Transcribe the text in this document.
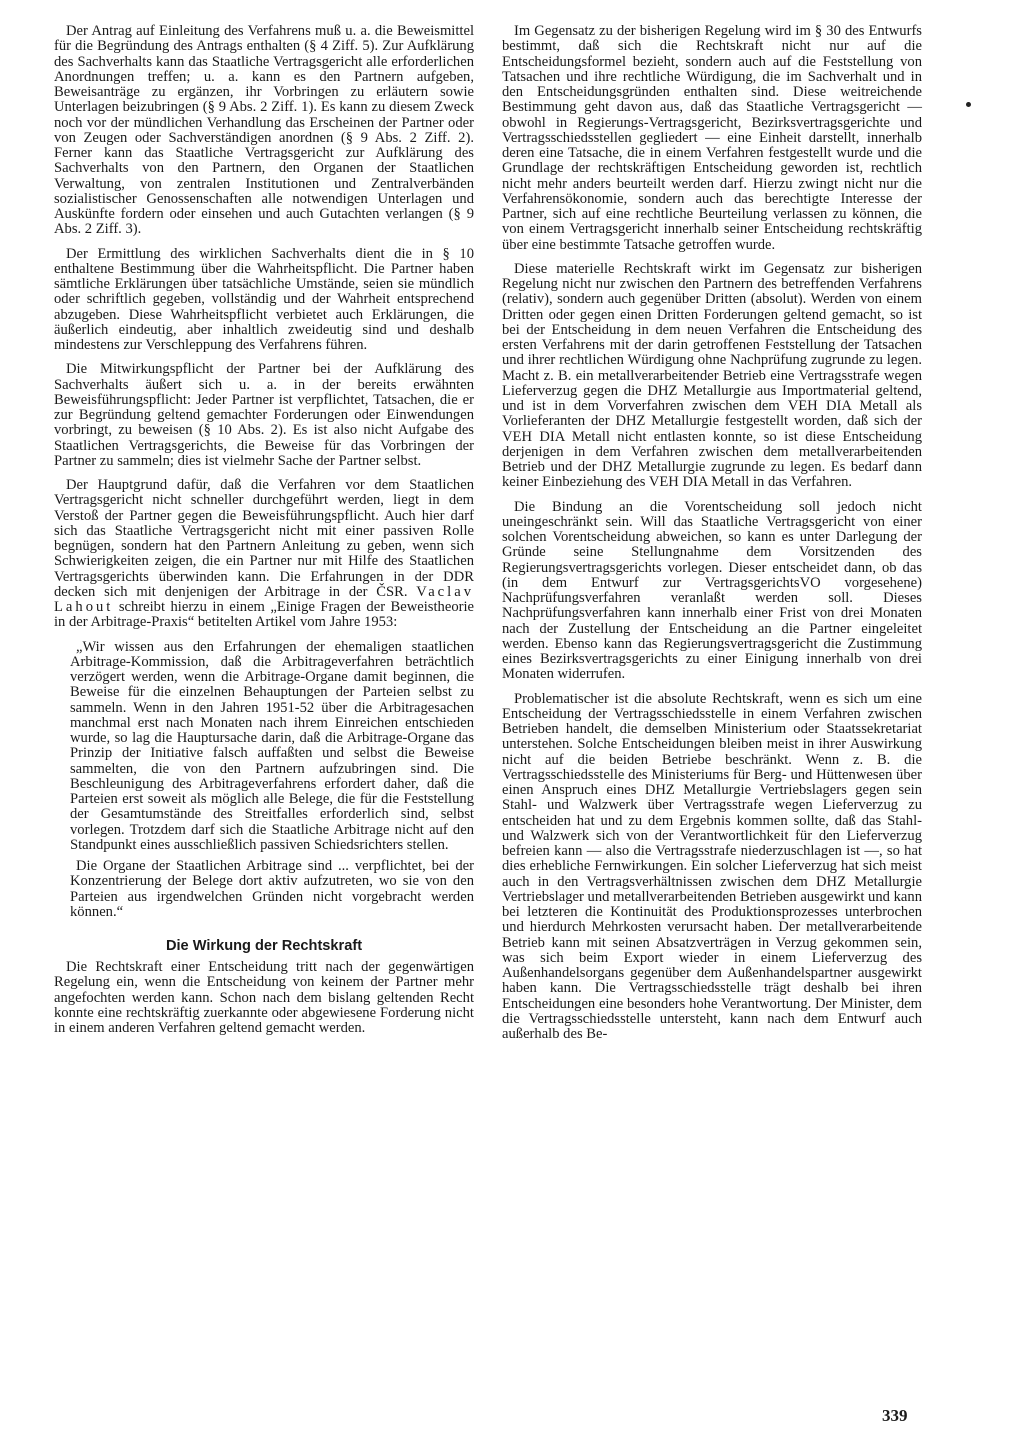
Der Antrag auf Einleitung des Verfahrens muß u. a. die Beweismittel für die Begründung des Antrags enthalten (§ 4 Ziff. 5). Zur Aufklärung des Sachverhalts kann das Staatliche Vertragsgericht alle erforderlichen Anordnungen treffen; u. a. kann es den Partnern aufgeben, Beweisanträge zu ergänzen, ihr Vorbringen zu erläutern sowie Unterlagen beizubringen (§ 9 Abs. 2 Ziff. 1). Es kann zu diesem Zweck noch vor der mündlichen Verhandlung das Erscheinen der Partner oder von Zeugen oder Sachverständigen anordnen (§ 9 Abs. 2 Ziff. 2). Ferner kann das Staatliche Vertragsgericht zur Aufklärung des Sachverhalts von den Partnern, den Organen der Staatlichen Verwaltung, von zentralen Institutionen und Zentralverbänden sozialistischer Genossenschaften alle notwendigen Unterlagen und Auskünfte fordern oder einsehen und auch Gutachten verlangen (§ 9 Abs. 2 Ziff. 3).

Der Ermittlung des wirklichen Sachverhalts dient die in § 10 enthaltene Bestimmung über die Wahrheitspflicht. Die Partner haben sämtliche Erklärungen über tatsächliche Umstände, seien sie mündlich oder schriftlich gegeben, vollständig und der Wahrheit entsprechend abzugeben. Diese Wahrheitspflicht verbietet auch Erklärungen, die äußerlich eindeutig, aber inhaltlich zweideutig sind und deshalb mindestens zur Verschleppung des Verfahrens führen.

Die Mitwirkungspflicht der Partner bei der Aufklärung des Sachverhalts äußert sich u. a. in der bereits erwähnten Beweisführungspflicht: Jeder Partner ist verpflichtet, Tatsachen, die er zur Begründung geltend gemachter Forderungen oder Einwendungen vorbringt, zu beweisen (§ 10 Abs. 2). Es ist also nicht Aufgabe des Staatlichen Vertragsgerichts, die Beweise für das Vorbringen der Partner zu sammeln; dies ist vielmehr Sache der Partner selbst.

Der Hauptgrund dafür, daß die Verfahren vor dem Staatlichen Vertragsgericht nicht schneller durchgeführt werden, liegt in dem Verstoß der Partner gegen die Beweisführungspflicht. Auch hier darf sich das Staatliche Vertragsgericht nicht mit einer passiven Rolle begnügen, sondern hat den Partnern Anleitung zu geben, wenn sich Schwierigkeiten zeigen, die ein Partner nur mit Hilfe des Staatlichen Vertragsgerichts überwinden kann. Die Erfahrungen in der DDR decken sich mit denjenigen der Arbitrage in der ČSR. Vaclav Lahout schreibt hierzu in einem „Einige Fragen der Beweistheorie in der Arbitrage-Praxis“ betitelten Artikel vom Jahre 1953:

„Wir wissen aus den Erfahrungen der ehemaligen staatlichen Arbitrage-Kommission, daß die Arbitrageverfahren beträchtlich verzögert werden, wenn die Arbitrage-Organe damit beginnen, die Beweise für die einzelnen Behauptungen der Parteien selbst zu sammeln. Wenn in den Jahren 1951-52 über die Arbitragesachen manchmal erst nach Monaten nach ihrem Einreichen entschieden wurde, so lag die Hauptursache darin, daß die Arbitrage-Organe das Prinzip der Initiative falsch auffaßten und selbst die Beweise sammelten, die von den Partnern aufzubringen sind. Die Beschleunigung des Arbitrageverfahrens erfordert daher, daß die Parteien erst soweit als möglich alle Belege, die für die Feststellung der Gesamtumstände des Streitfalles erforderlich sind, selbst vorlegen. Trotzdem darf sich die Staatliche Arbitrage nicht auf den Standpunkt eines ausschließlich passiven Schiedsrichters stellen.

Die Organe der Staatlichen Arbitrage sind ... verpflichtet, bei der Konzentrierung der Belege dort aktiv aufzutreten, wo sie von den Parteien aus irgendwelchen Gründen nicht vorgebracht werden können.“

Die Wirkung der Rechtskraft

Die Rechtskraft einer Entscheidung tritt nach der gegenwärtigen Regelung ein, wenn die Entscheidung von keinem der Partner mehr angefochten werden kann. Schon nach dem bislang geltenden Recht konnte eine rechtskräftig zuerkannte oder abgewiesene Forderung nicht in einem anderen Verfahren geltend gemacht werden.

Im Gegensatz zu der bisherigen Regelung wird im § 30 des Entwurfs bestimmt, daß sich die Rechtskraft nicht nur auf die Entscheidungsformel bezieht, sondern auch auf die Feststellung von Tatsachen und ihre rechtliche Würdigung, die im Sachverhalt und in den Entscheidungsgründen enthalten sind. Diese weitreichende Bestimmung geht davon aus, daß das Staatliche Vertragsgericht — obwohl in Regierungs-Vertragsgericht, Bezirksvertragsgerichte und Vertragsschiedsstellen gegliedert — eine Einheit darstellt, innerhalb deren eine Tatsache, die in einem Verfahren festgestellt wurde und die Grundlage der rechtskräftigen Entscheidung geworden ist, rechtlich nicht mehr anders beurteilt werden darf. Hierzu zwingt nicht nur die Verfahrensökonomie, sondern auch das berechtigte Interesse der Partner, sich auf eine rechtliche Beurteilung verlassen zu können, die von einem Vertragsgericht innerhalb seiner Entscheidung rechtskräftig über eine bestimmte Tatsache getroffen wurde.

Diese materielle Rechtskraft wirkt im Gegensatz zur bisherigen Regelung nicht nur zwischen den Partnern des betreffenden Verfahrens (relativ), sondern auch gegenüber Dritten (absolut). Werden von einem Dritten oder gegen einen Dritten Forderungen geltend gemacht, so ist bei der Entscheidung in dem neuen Verfahren die Entscheidung des ersten Verfahrens mit der darin getroffenen Feststellung der Tatsachen und ihrer rechtlichen Würdigung ohne Nachprüfung zugrunde zu legen. Macht z. B. ein metallverarbeitender Betrieb eine Vertragsstrafe wegen Lieferverzug gegen die DHZ Metallurgie aus Importmaterial geltend, und ist in dem Vorverfahren zwischen dem VEH DIA Metall als Vorlieferanten der DHZ Metallurgie festgestellt worden, daß sich der VEH DIA Metall nicht entlasten konnte, so ist diese Entscheidung derjenigen in dem Verfahren zwischen dem metallverarbeitenden Betrieb und der DHZ Metallurgie zugrunde zu legen. Es bedarf dann keiner Einbeziehung des VEH DIA Metall in das Verfahren.

Die Bindung an die Vorentscheidung soll jedoch nicht uneingeschränkt sein. Will das Staatliche Vertragsgericht von einer solchen Vorentscheidung abweichen, so kann es unter Darlegung der Gründe seine Stellungnahme dem Vorsitzenden des Regierungsvertragsgerichts vorlegen. Dieser entscheidet dann, ob das (in dem Entwurf zur VertragsgerichtsVO vorgesehene) Nachprüfungsverfahren veranlaßt werden soll. Dieses Nachprüfungsverfahren kann innerhalb einer Frist von drei Monaten nach der Zustellung der Entscheidung an die Partner eingeleitet werden. Ebenso kann das Regierungsvertragsgericht die Zustimmung eines Bezirksvertragsgerichts zu einer Einigung innerhalb von drei Monaten widerrufen.

Problematischer ist die absolute Rechtskraft, wenn es sich um eine Entscheidung der Vertragsschiedsstelle in einem Verfahren zwischen Betrieben handelt, die demselben Ministerium oder Staatssekretariat unterstehen. Solche Entscheidungen bleiben meist in ihrer Auswirkung nicht auf die beiden Betriebe beschränkt. Wenn z. B. die Vertragsschiedsstelle des Ministeriums für Berg- und Hüttenwesen über einen Anspruch eines DHZ Metallurgie Vertriebslagers gegen sein Stahl- und Walzwerk über Vertragsstrafe wegen Lieferverzug zu entscheiden hat und zu dem Ergebnis kommen sollte, daß das Stahl- und Walzwerk sich von der Verantwortlichkeit für den Lieferverzug befreien kann — also die Vertragsstrafe niederzuschlagen ist —, so hat dies erhebliche Fernwirkungen. Ein solcher Lieferverzug hat sich meist auch in den Vertragsverhältnissen zwischen dem DHZ Metallurgie Vertriebslager und metallverarbeitenden Betrieben ausgewirkt und kann bei letzteren die Kontinuität des Produktionsprozesses unterbrochen und hierdurch Mehrkosten verursacht haben. Der metallverarbeitende Betrieb kann mit seinen Absatzverträgen in Verzug gekommen sein, was sich beim Export wieder in einem Lieferverzug des Außenhandelsorgans gegenüber dem Außenhandelspartner ausgewirkt haben kann. Die Vertragsschiedsstelle trägt deshalb bei ihren Entscheidungen eine besonders hohe Verantwortung. Der Minister, dem die Vertragsschiedsstelle untersteht, kann nach dem Entwurf auch außerhalb des Be-

339
